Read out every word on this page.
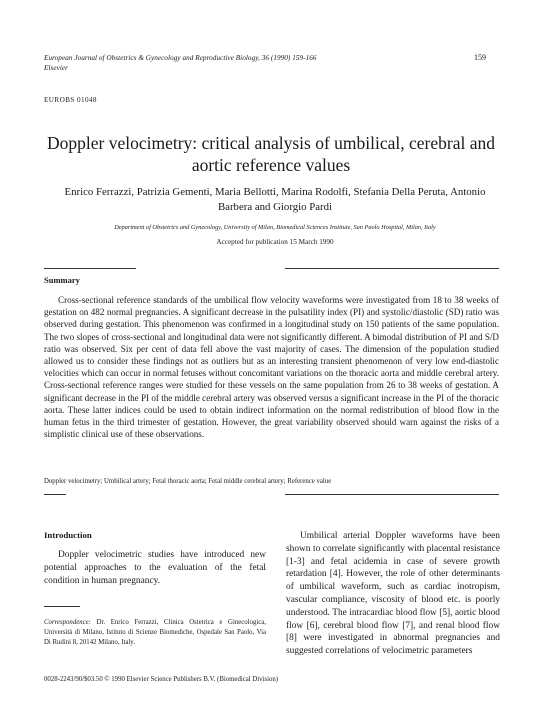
European Journal of Obstetrics & Gynecology and Reproductive Biology, 36 (1990) 159-166
Elsevier
159
EUROBS 01048
Doppler velocimetry: critical analysis of umbilical, cerebral and aortic reference values
Enrico Ferrazzi, Patrizia Gementi, Maria Bellotti, Marina Rodolfi, Stefania Della Peruta, Antonio Barbera and Giorgio Pardi
Department of Obstetrics and Gynecology, University of Milan, Biomedical Sciences Institute, San Paolo Hospital, Milan, Italy
Accepted for publication 15 March 1990
Summary

Cross-sectional reference standards of the umbilical flow velocity waveforms were investigated from 18 to 38 weeks of gestation on 482 normal pregnancies. A significant decrease in the pulsatility index (PI) and systolic/diastolic (SD) ratio was observed during gestation. This phenomenon was confirmed in a longitudinal study on 150 patients of the same population. The two slopes of cross-sectional and longitudinal data were not significantly different. A bimodal distribution of PI and S/D ratio was observed. Six per cent of data fell above the vast majority of cases. The dimension of the population studied allowed us to consider these findings not as outliers but as an interesting transient phenomenon of very low end-diastolic velocities which can occur in normal fetuses without concomitant variations on the thoracic aorta and middle cerebral artery. Cross-sectional reference ranges were studied for these vessels on the same population from 26 to 38 weeks of gestation. A significant decrease in the PI of the middle cerebral artery was observed versus a significant increase in the PI of the thoracic aorta. These latter indices could be used to obtain indirect information on the normal redistribution of blood flow in the human fetus in the third trimester of gestation. However, the great variability observed should warn against the risks of a simplistic clinical use of these observations.

Doppler velocimetry; Umbilical artery; Fetal thoracic aorta; Fetal middle cerebral artery; Reference value
Introduction

Doppler velocimetric studies have introduced new potential approaches to the evaluation of the fetal condition in human pregnancy.

Correspondence: Dr. Enrico Ferrazzi, Clinica Ostetrica e Ginecologica, Università di Milano, Istituto di Scienze Biomediche, Ospedale San Paolo, Via Di Rudini 8, 20142 Milano, Italy.

Umbilical arterial Doppler waveforms have been shown to correlate significantly with placental resistance [1-3] and fetal acidemia in case of severe growth retardation [4]. However, the role of other determinants of umbilical waveform, such as cardiac inotropism, vascular compliance, viscosity of blood etc. is poorly understood. The intracardiac blood flow [5], aortic blood flow [6], cerebral blood flow [7], and renal blood flow [8] were investigated in abnormal pregnancies and suggested correlations of velocimetric parameters

0028-2243/90/$03.50 © 1990 Elsevier Science Publishers B.V. (Biomedical Division)
